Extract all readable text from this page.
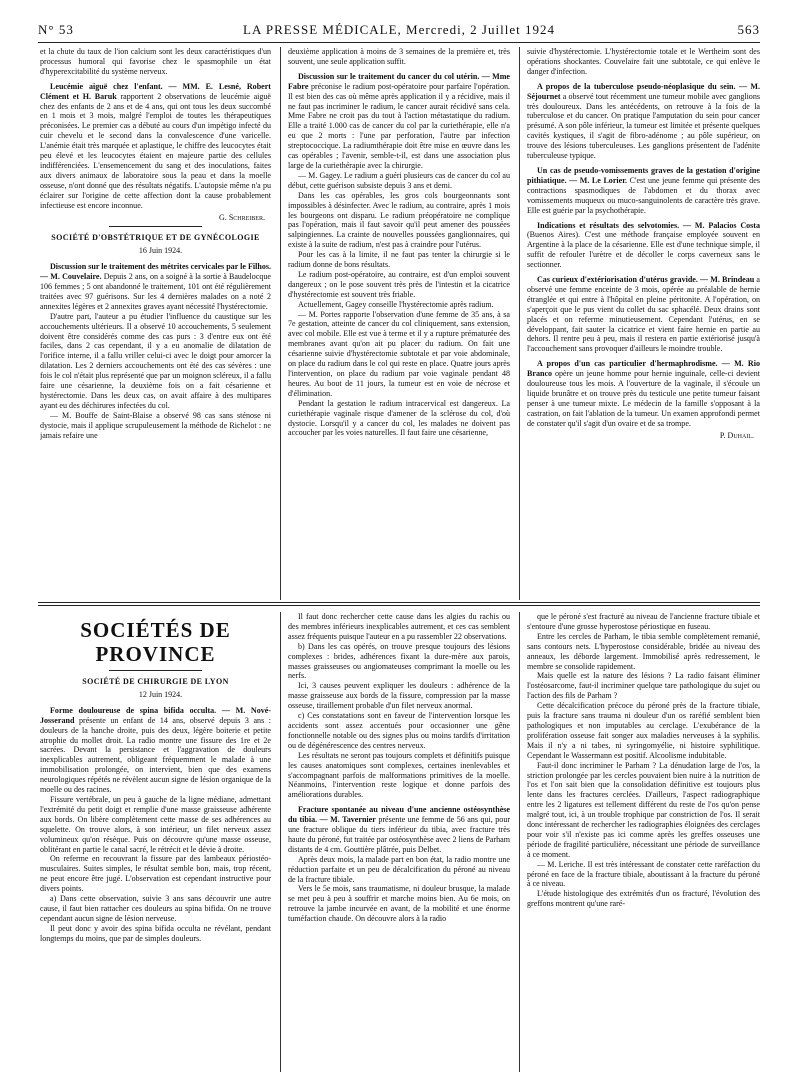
N° 53	LA PRESSE MÉDICALE, Mercredi, 2 Juillet 1924	563

et la chute du taux de l'ion calcium sont les deux caractéristiques d'un processus humoral qui favorise chez le spasmophile un état d'hyperexcitabilité du système nerveux.

Leucémie aiguë chez l'enfant. — MM. E. Lesné, Robert Clément et H. Baruk rapportent 2 observations de leucémie aiguë chez des enfants de 2 ans et de 4 ans, qui ont tous les deux succombé en 1 mois et 3 mois, malgré l'emploi de toutes les thérapeutiques préconisées. Le premier cas a débuté au cours d'un impétigo infecté du cuir chevelu et le second dans la convalescence d'une varicelle. L'anémie était très marquée et aplastique, le chiffre des leucocytes était peu élevé et les leucocytes étaient en majeure partie des cellules indifférenciées. L'ensemencement du sang et des inoculations, faites aux divers animaux de laboratoire sous la peau et dans la moelle osseuse, n'ont donné que des résultats négatifs. L'autopsie même n'a pu éclairer sur l'origine de cette affection dont la cause probablement infectieuse est encore inconnue.

G. Schreiber.

SOCIÉTÉ D'OBSTÉTRIQUE ET DE GYNÉCOLOGIE

16 Juin 1924.

Discussion sur le traitement des métrites cervicales par le Filhos. — M. Couvelaire. Depuis 2 ans, on a soigné à la sortie à Baudelocque 106 femmes ; 5 ont abandonné le traitement, 101 ont été régulièrement traitées avec 97 guérisons. Sur les 4 dernières malades on a noté 2 annexites légères et 2 annexites graves ayant nécessité l'hystérectomie.

D'autre part, l'auteur a pu étudier l'influence du caustique sur les accouchements ultérieurs. Il a observé 10 accouchements, 5 seulement doivent être considérés comme des cas purs : 3 d'entre eux ont été faciles, dans 2 cas cependant, il y a eu anomalie de dilatation de l'orifice interne, il a fallu vriller celui-ci avec le doigt pour amorcer la dilatation. Les 2 derniers accouchements ont été des cas sévères : une fois le col n'était plus représenté que par un moignon scléreux, il a fallu faire une césarienne, la deuxième fois on a fait césarienne et hystérectomie. Dans les deux cas, on avait affaire à des multipares ayant eu des déchirures infectées du col.

— M. Bouffe de Saint-Blaise a observé 98 cas sans sténose ni dystocie, mais il applique scrupuleusement la méthode de Richelot : ne jamais refaire une

deuxième application à moins de 3 semaines de la première et, très souvent, une seule application suffit.

Discussion sur le traitement du cancer du col utérin. — Mme Fabre préconise le radium post-opératoire pour parfaire l'opération. Il est bien des cas où même après application il y a récidive, mais il ne faut pas incriminer le radium, le cancer aurait récidivé sans cela. Mme Fabre ne croit pas du tout à l'action métastatique du radium. Elle a traité 1.000 cas de cancer du col par la curiethérapie, elle n'a eu que 2 morts : l'une par perforation, l'autre par infection streptococcique. La radiumthérapie doit être mise en œuvre dans les cas opérables ; l'avenir, semble-t-il, est dans une association plus large de la curiethérapie avec la chirurgie.

— M. Gagey. Le radium a guéri plusieurs cas de cancer du col au début, cette guérison subsiste depuis 3 ans et demi.

Dans les cas opérables, les gros cols bourgeonnants sont impossibles à désinfecter. Avec le radium, au contraire, après 1 mois les bourgeons ont disparu. Le radium préopératoire ne complique pas l'opération, mais il faut savoir qu'il peut amener des poussées salpingiennes. La crainte de nouvelles poussées ganglionnaires, qui existe à la suite de radium, n'est pas à craindre pour l'utérus.

Pour les cas à la limite, il ne faut pas tenter la chirurgie si le radium donne de bons résultats.

Le radium post-opératoire, au contraire, est d'un emploi souvent dangereux ; on le pose souvent très près de l'intestin et la cicatrice d'hystérectomie est souvent très friable.

Actuellement, Gagey conseille l'hystérectomie après radium.

— M. Portes rapporte l'observation d'une femme de 35 ans, à sa 7e gestation, atteinte de cancer du col cliniquement, sans extension, avec col mobile. Elle est vue à terme et il y a rupture prématurée des membranes avant qu'on ait pu placer du radium. On fait une césarienne suivie d'hystérectomie subtotale et par voie abdominale, on place du radium dans le col qui reste en place. Quatre jours après l'intervention, on place du radium par voie vaginale pendant 48 heures. Au bout de 11 jours, la tumeur est en voie de nécrose et d'élimination.

Pendant la gestation le radium intracervical est dangereux. La curiethérapie vaginale risque d'amener de la sclérose du col, d'où dystocie. Lorsqu'il y a cancer du col, les malades ne doivent pas accoucher par les voies naturelles. Il faut faire une césarienne,

suivie d'hystérectomie. L'hystérectomie totale et le Wertheim sont des opérations shockantes. Couvelaire fait une subtotale, ce qui enlève le danger d'infection.

A propos de la tuberculose pseudo-néoplasique du sein. — M. Séjournet a observé tout récemment une tumeur mobile avec ganglions très douloureux. Dans les antécédents, on retrouve à la fois de la tuberculose et du cancer. On pratique l'amputation du sein pour cancer présumé. A son pôle inférieur, la tumeur est limitée et présente quelques cavités kystiques, il s'agit de fibro-adénome ; au pôle supérieur, on trouve des lésions tuberculeuses. Les ganglions présentent de l'adénite tuberculeuse typique.

Un cas de pseudo-vomissements graves de la gestation d'origine pithiatique. — M. Le Lorier. C'est une jeune femme qui présente des contractions spasmodiques de l'abdomen et du thorax avec vomissements muqueux ou muco-sanguinolents de caractère très grave. Elle est guérie par la psychothérapie.

Indications et résultats des selvotomies. — M. Palacios Costa (Buenos Aires). C'est une méthode française employée souvent en Argentine à la place de la césarienne. Elle est d'une technique simple, il suffit de refouler l'urètre et de décoller le corps caverneux sans le sectionner.

Cas curieux d'extériorisation d'utérus gravide. — M. Brindeau a observé une femme enceinte de 3 mois, opérée au préalable de hernie étranglée et qui entre à l'hôpital en pleine péritonite. A l'opération, on s'aperçoit que le pus vient du collet du sac sphacélé. Deux drains sont placés et on referme minutieusement. Cependant l'utérus, en se développant, fait sauter la cicatrice et vient faire hernie en partie au dehors. Il rentre peu à peu, mais il restera en partie extériorisé jusqu'à l'accouchement sans provoquer d'ailleurs le moindre trouble.

A propos d'un cas particulier d'hermaphrodisme. — M. Rio Branco opère un jeune homme pour hernie inguinale, celle-ci devient douloureuse tous les mois. A l'ouverture de la vaginale, il s'écoule un liquide brunâtre et on trouve près du testicule une petite tumeur faisant penser à une tumeur mixte. Le médecin de la famille s'opposant à la castration, on fait l'ablation de la tumeur. Un examen approfondi permet de constater qu'il s'agit d'un ovaire et de sa trompe.

P. Duhail.

SOCIÉTÉS DE PROVINCE
SOCIÉTÉ DE CHIRURGIE DE LYON

12 Juin 1924.

Forme douloureuse de spina bifida occulta. — M. Nové-Josserand présente un enfant de 14 ans, observé depuis 3 ans : douleurs de la hanche droite, puis des deux, légère boiterie et petite atrophie du mollet droit. La radio montre une fissure des 1re et 2e sacrées. Devant la persistance et l'aggravation de douleurs inexplicables autrement, obligeant fréquemment le malade à une immobilisation prolongée, on intervient, bien que des examens neurologiques répétés ne révèlent aucun signe de lésion organique de la moelle ou des racines.

Fissure vertébrale, un peu à gauche de la ligne médiane, admettant l'extrémité du petit doigt et remplie d'une masse graisseuse adhérente aux bords. On libère complètement cette masse de ses adhérences au squelette. On trouve alors, à son intérieur, un filet nerveux assez volumineux qu'on résèque. Puis on découvre qu'une masse osseuse, oblitérant en partie le canal sacré, le rétrécit et le dévie à droite.

On referme en recouvrant la fissure par des lambeaux périostéo-musculaires. Suites simples, le résultat semble bon, mais, trop récent, ne peut encore être jugé. L'observation est cependant instructive pour divers points.

a) Dans cette observation, suivie 3 ans sans découvrir une autre cause, il faut bien rattacher ces douleurs au spina bifida. On ne trouve cependant aucun signe de lésion nerveuse.

Il peut donc y avoir des spina bifida occulta ne révélant, pendant longtemps du moins, que par de simples douleurs.

Il faut donc rechercher cette cause dans les algies du rachis ou des membres inférieurs inexplicables autrement, et ces cas semblent assez fréquents puisque l'auteur en a pu rassembler 22 observations.

b) Dans les cas opérés, on trouve presque toujours des lésions complexes : brides, adhérences fixant la dure-mère aux parois, masses graisseuses ou angiomateuses comprimant la moelle ou les nerfs.

Ici, 3 causes peuvent expliquer les douleurs : adhérence de la masse graisseuse aux bords de la fissure, compression par la masse osseuse, tiraillement probable d'un filet nerveux anormal.

c) Ces constatations sont en faveur de l'intervention lorsque les accidents sont assez accentués pour occasionner une gêne fonctionnelle notable ou des signes plus ou moins tardifs d'irritation ou de dégénérescence des centres nerveux.

Les résultats ne seront pas toujours complets et définitifs puisque les causes anatomiques sont complexes, certaines inenlevables et s'accompagnant parfois de malformations primitives de la moelle. Néanmoins, l'intervention reste logique et donne parfois des améliorations durables.

Fracture spontanée au niveau d'une ancienne ostéosynthèse du tibia. — M. Tavernier présente une femme de 56 ans qui, pour une fracture oblique du tiers inférieur du tibia, avec fracture très haute du péroné, fut traitée par ostéosynthèse avec 2 liens de Parham distants de 4 cm. Gouttière plâtrée, puis Delbet.

Après deux mois, la malade part en bon état, la radio montre une réduction parfaite et un peu de décalcification du péroné au niveau de la fracture tibiale.

Vers le 5e mois, sans traumatisme, ni douleur brusque, la malade se met peu à peu à souffrir et marche moins bien. Au 6e mois, on retrouve la jambe incurvée en avant, de la mobilité et une énorme tuméfaction chaude. On découvre alors à la radio

que le péroné s'est fracturé au niveau de l'ancienne fracture tibiale et s'entoure d'une grosse hyperostose périostique en fuseau.

Entre les cercles de Parham, le tibia semble complètement remanié, sans contours nets. L'hyperostose considérable, bridée au niveau des anneaux, les déborde largement. Immobilisé après redressement, le membre se consolide rapidement.

Mais quelle est la nature des lésions ? La radio faisant éliminer l'ostéosarcome, faut-il incriminer quelque tare pathologique du sujet ou l'action des fils de Parham ?

Cette décalcification précoce du péroné près de la fracture tibiale, puis la fracture sans trauma ni douleur d'un os raréfié semblent bien pathologiques et non imputables au cerclage. L'exubérance de la prolifération osseuse fait songer aux maladies nerveuses à la syphilis. Mais il n'y a ni tabes, ni syringomyélie, ni histoire syphilitique. Cependant le Wassermann est positif. Alcoolisme indubitable.

Faut-il donc incriminer le Parham ? La dénudation large de l'os, la striction prolongée par les cercles pouvaient bien nuire à la nutrition de l'os et l'on sait bien que la consolidation définitive est toujours plus lente dans les fractures cerclées. D'ailleurs, l'aspect radiographique entre les 2 ligatures est tellement différent du reste de l'os qu'on pense malgré tout, ici, à un trouble trophique par constriction de l'os. Il serait donc intéressant de rechercher les radiographies éloignées des cerclages pour voir s'il n'existe pas ici comme après les greffes osseuses une période de fragilité particulière, nécessitant une période de surveillance à ce moment.

— M. Leriche. Il est très intéressant de constater cette raréfaction du péroné en face de la fracture tibiale, aboutissant à la fracture du péroné à ce niveau.

L'étude histologique des extrémités d'un os fracturé, l'évolution des greffons montrent qu'une raré-
